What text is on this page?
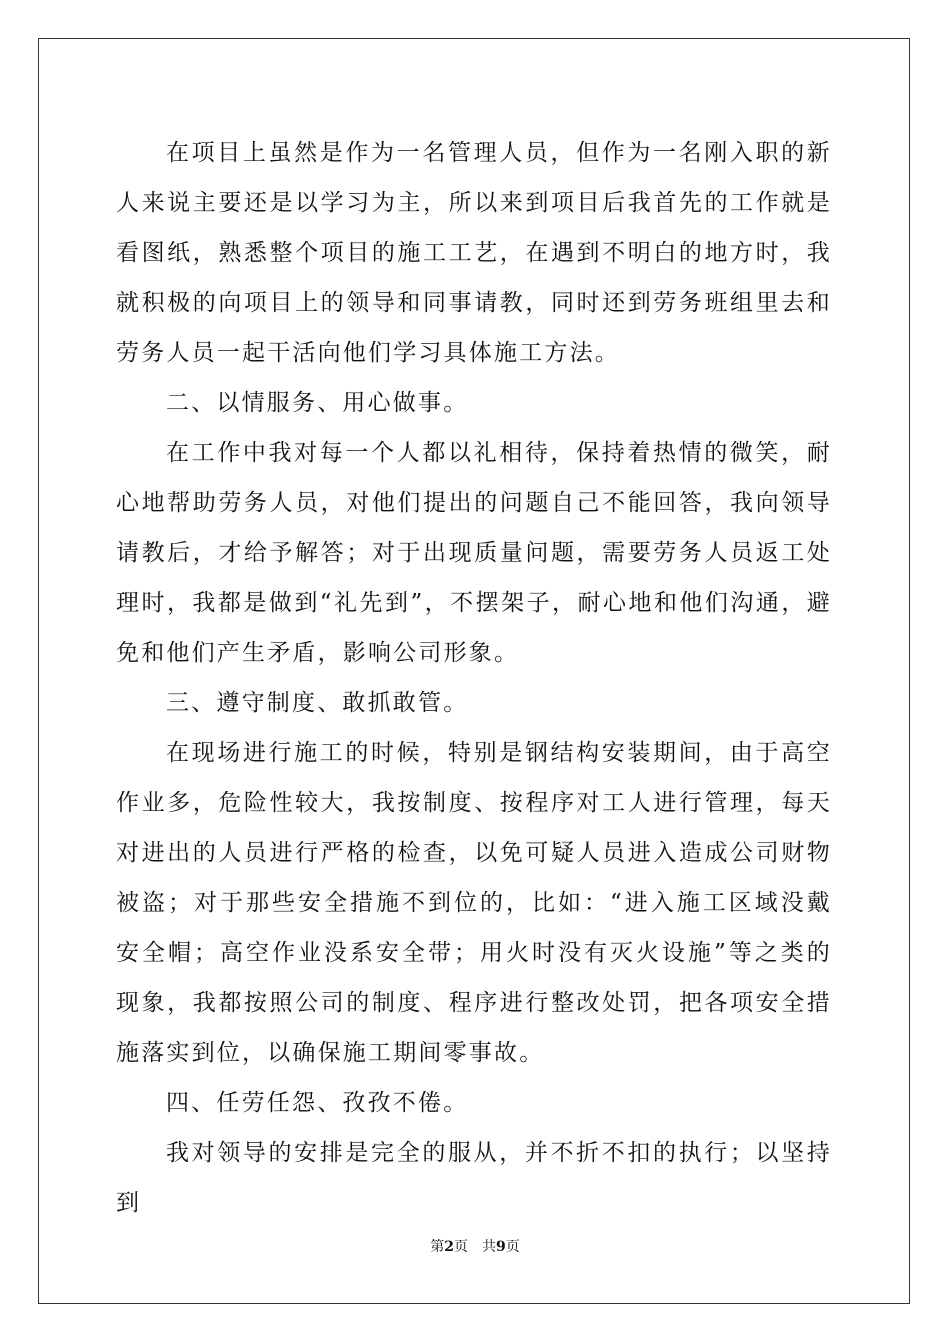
在项目上虽然是作为一名管理人员，但作为一名刚入职的新人来说主要还是以学习为主，所以来到项目后我首先的工作就是看图纸，熟悉整个项目的施工工艺，在遇到不明白的地方时，我就积极的向项目上的领导和同事请教，同时还到劳务班组里去和劳务人员一起干活向他们学习具体施工方法。

二、以情服务、用心做事。

在工作中我对每一个人都以礼相待，保持着热情的微笑，耐心地帮助劳务人员，对他们提出的问题自己不能回答，我向领导请教后，才给予解答；对于出现质量问题，需要劳务人员返工处理时，我都是做到“礼先到”，不摆架子，耐心地和他们沟通，避免和他们产生矛盾，影响公司形象。

三、遵守制度、敢抓敢管。

在现场进行施工的时候，特别是钢结构安装期间，由于高空作业多，危险性较大，我按制度、按程序对工人进行管理，每天对进出的人员进行严格的检查，以免可疑人员进入造成公司财物被盗；对于那些安全措施不到位的，比如：“进入施工区域没戴安全帽；高空作业没系安全带；用火时没有灭火设施”等之类的现象，我都按照公司的制度、程序进行整改处罚，把各项安全措施落实到位，以确保施工期间零事故。

四、任劳任怨、孜孜不倦。

我对领导的安排是完全的服从，并不折不扣的执行；以坚持到

第2页 共9页
